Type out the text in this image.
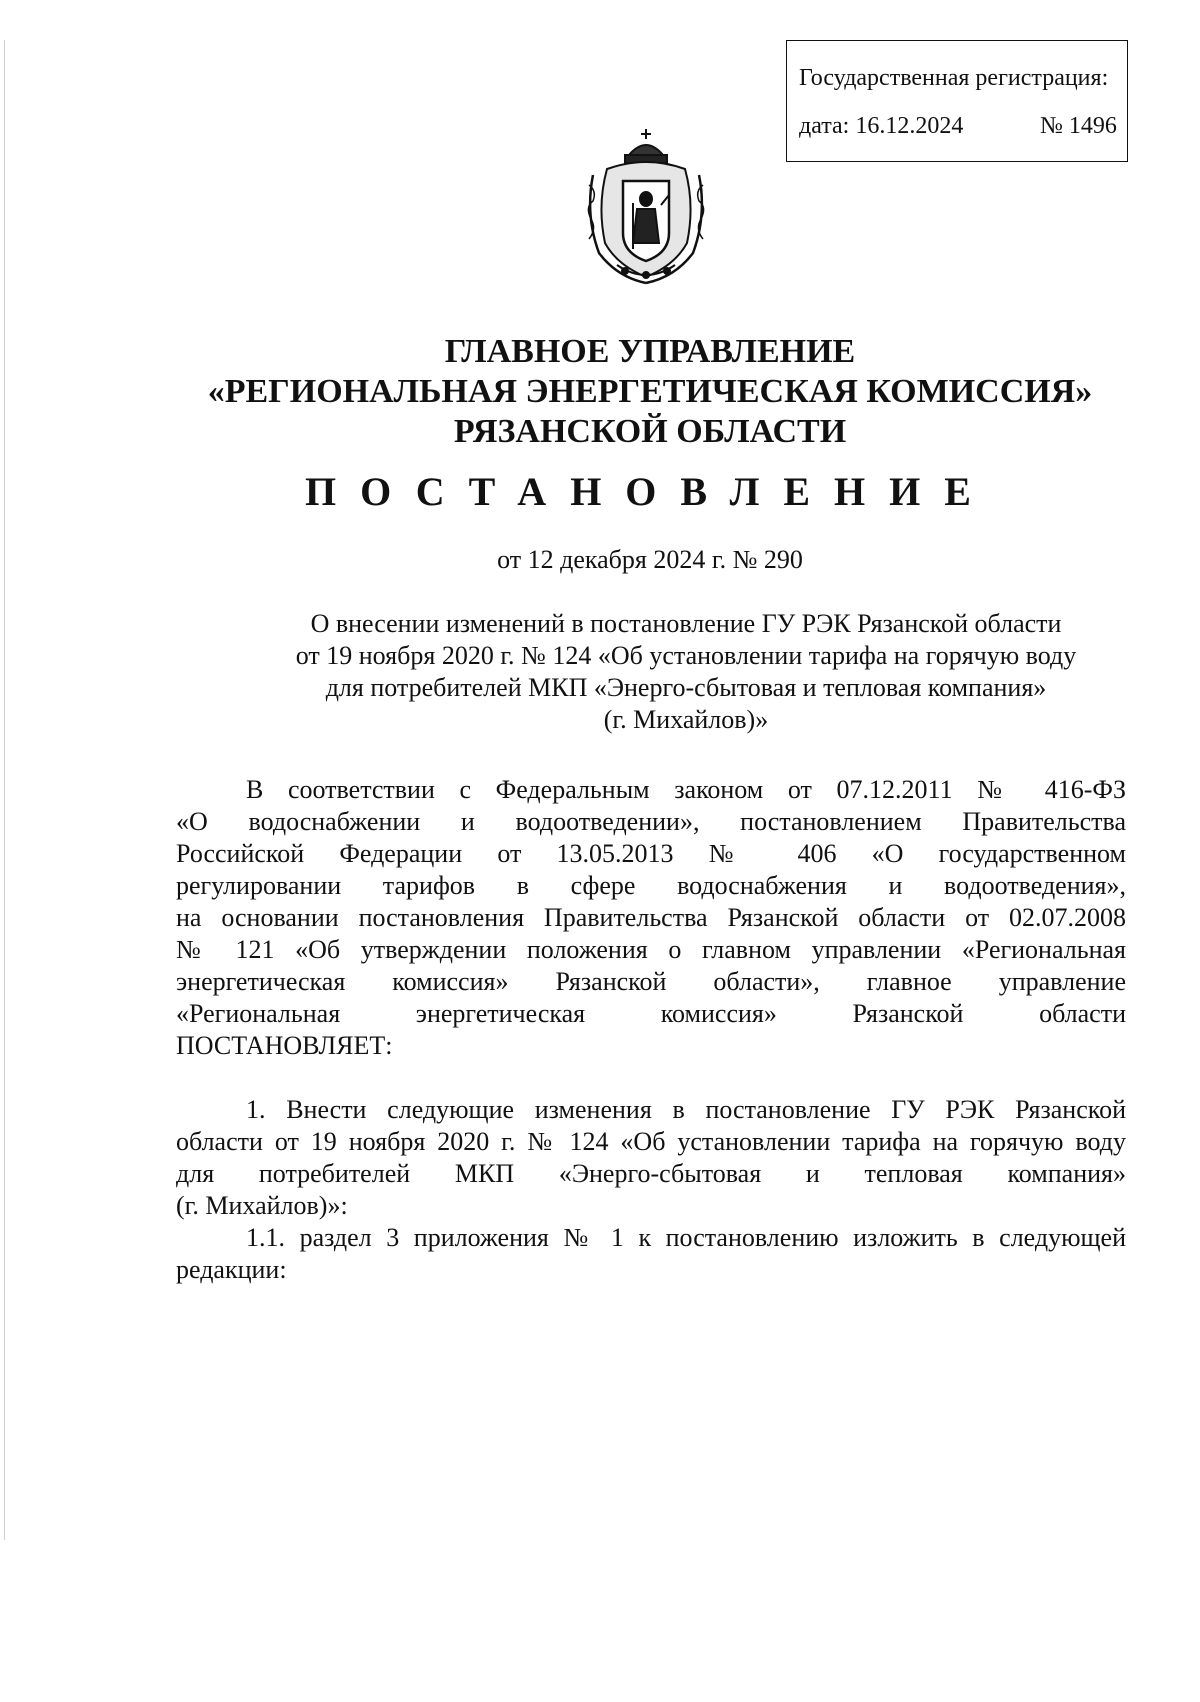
Государственная регистрация:
дата: 16.12.2024	№ 1496
ГЛАВНОЕ УПРАВЛЕНИЕ
«РЕГИОНАЛЬНАЯ ЭНЕРГЕТИЧЕСКАЯ КОМИССИЯ»
РЯЗАНСКОЙ ОБЛАСТИ
ПОСТАНОВЛЕНИЕ
от 12 декабря 2024 г. № 290
О внесении изменений в постановление ГУ РЭК Рязанской области
от 19 ноября 2020 г. № 124 «Об установлении тарифа на горячую воду
для потребителей МКП «Энерго-сбытовая и тепловая компания»
(г. Михайлов)»
В соответствии с Федеральным законом от 07.12.2011 № 416-ФЗ
«О водоснабжении и водоотведении», постановлением Правительства
Российской Федерации от 13.05.2013 № 406 «О государственном
регулировании тарифов в сфере водоснабжения и водоотведения»,
на основании постановления Правительства Рязанской области от 02.07.2008
№ 121 «Об утверждении положения о главном управлении «Региональная
энергетическая комиссия» Рязанской области», главное управление
«Региональная энергетическая комиссия» Рязанской области
ПОСТАНОВЛЯЕТ:
1. Внести следующие изменения в постановление ГУ РЭК Рязанской
области от 19 ноября 2020 г. № 124 «Об установлении тарифа на горячую воду
для потребителей МКП «Энерго-сбытовая и тепловая компания»
(г. Михайлов)»:
1.1. раздел 3 приложения № 1 к постановлению изложить в следующей
редакции:
